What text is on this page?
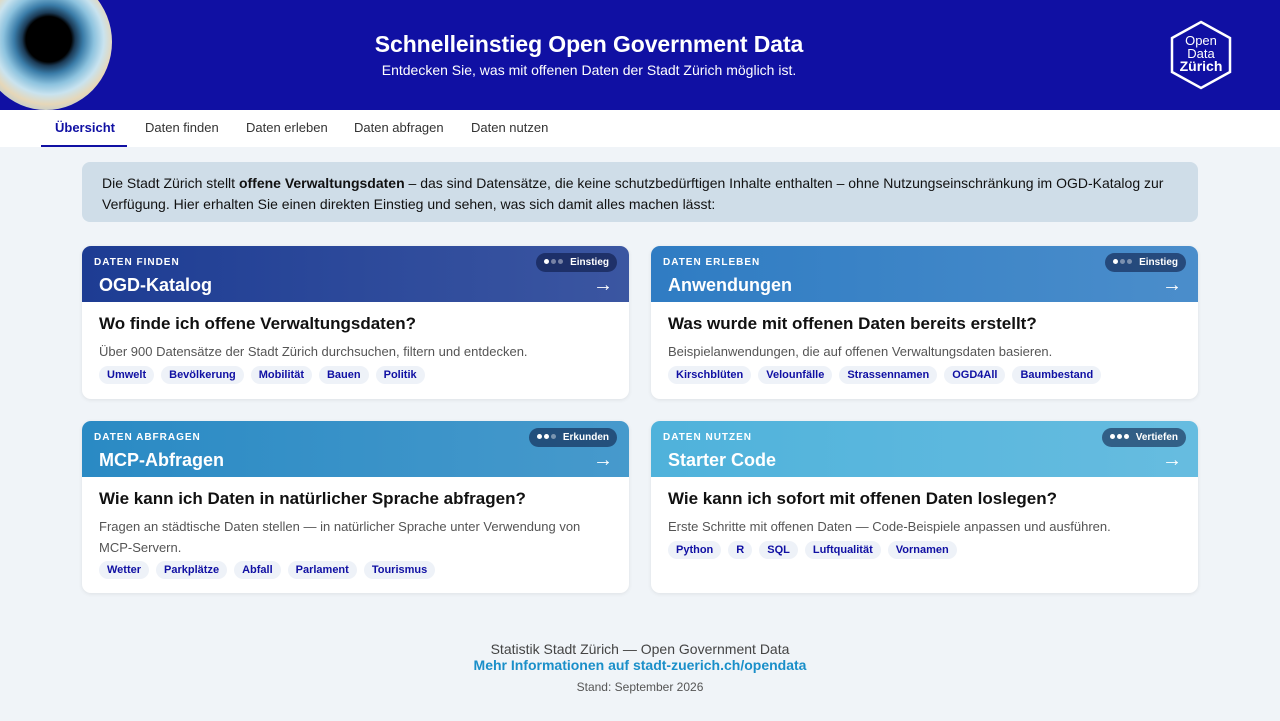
Schnelleinstieg Open Government Data
Entdecken Sie, was mit offenen Daten der Stadt Zürich möglich ist.
Open
Data
Zürich
Übersicht	Daten finden	Daten erleben	Daten abfragen	Daten nutzen
Die Stadt Zürich stellt offene Verwaltungsdaten – das sind Datensätze, die keine schutzbedürftigen Inhalte enthalten – ohne Nutzungseinschränkung im OGD-Katalog zur Verfügung. Hier erhalten Sie einen direkten Einstieg und sehen, was sich damit alles machen lässt:
DATEN FINDEN	Einstieg
OGD-Katalog	→
Wo finde ich offene Verwaltungsdaten?
Über 900 Datensätze der Stadt Zürich durchsuchen, filtern und entdecken.
Umwelt	Bevölkerung	Mobilität	Bauen	Politik
DATEN ERLEBEN	Einstieg
Anwendungen	→
Was wurde mit offenen Daten bereits erstellt?
Beispielanwendungen, die auf offenen Verwaltungsdaten basieren.
Kirschblüten	Velounfälle	Strassennamen	OGD4All	Baumbestand
DATEN ABFRAGEN	Erkunden
MCP-Abfragen	→
Wie kann ich Daten in natürlicher Sprache abfragen?
Fragen an städtische Daten stellen — in natürlicher Sprache unter Verwendung von MCP-Servern.
Wetter	Parkplätze	Abfall	Parlament	Tourismus
DATEN NUTZEN	Vertiefen
Starter Code	→
Wie kann ich sofort mit offenen Daten loslegen?
Erste Schritte mit offenen Daten — Code-Beispiele anpassen und ausführen.
Python	R	SQL	Luftqualität	Vornamen
Statistik Stadt Zürich — Open Government Data
Mehr Informationen auf stadt-zuerich.ch/opendata
Stand: September 2026
